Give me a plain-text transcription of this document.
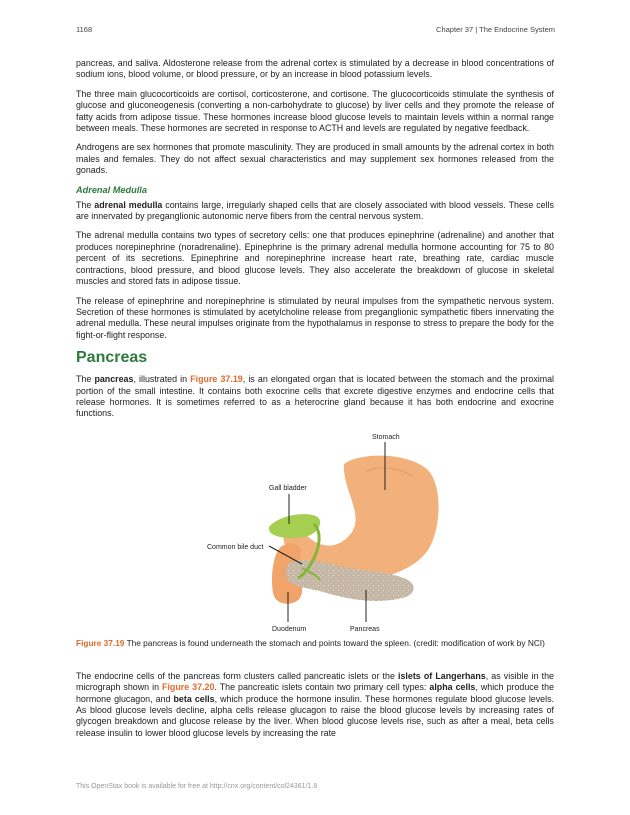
1168	Chapter 37 | The Endocrine System

pancreas, and saliva. Aldosterone release from the adrenal cortex is stimulated by a decrease in blood concentrations of sodium ions, blood volume, or blood pressure, or by an increase in blood potassium levels.

The three main glucocorticoids are cortisol, corticosterone, and cortisone. The glucocorticoids stimulate the synthesis of glucose and gluconeogenesis (converting a non-carbohydrate to glucose) by liver cells and they promote the release of fatty acids from adipose tissue. These hormones increase blood glucose levels to maintain levels within a normal range between meals. These hormones are secreted in response to ACTH and levels are regulated by negative feedback.

Androgens are sex hormones that promote masculinity. They are produced in small amounts by the adrenal cortex in both males and females. They do not affect sexual characteristics and may supplement sex hormones released from the gonads.

Adrenal Medulla

The adrenal medulla contains large, irregularly shaped cells that are closely associated with blood vessels. These cells are innervated by preganglionic autonomic nerve fibers from the central nervous system.

The adrenal medulla contains two types of secretory cells: one that produces epinephrine (adrenaline) and another that produces norepinephrine (noradrenaline). Epinephrine is the primary adrenal medulla hormone accounting for 75 to 80 percent of its secretions. Epinephrine and norepinephrine increase heart rate, breathing rate, cardiac muscle contractions, blood pressure, and blood glucose levels. They also accelerate the breakdown of glucose in skeletal muscles and stored fats in adipose tissue.

The release of epinephrine and norepinephrine is stimulated by neural impulses from the sympathetic nervous system. Secretion of these hormones is stimulated by acetylcholine release from preganglionic sympathetic fibers innervating the adrenal medulla. These neural impulses originate from the hypothalamus in response to stress to prepare the body for the fight-or-flight response.

Pancreas

The pancreas, illustrated in Figure 37.19, is an elongated organ that is located between the stomach and the proximal portion of the small intestine. It contains both exocrine cells that excrete digestive enzymes and endocrine cells that release hormones. It is sometimes referred to as a heterocrine gland because it has both endocrine and exocrine functions.

Stomach
Gall bladder
Common bile duct
Duodenum	Pancreas

Figure 37.19 The pancreas is found underneath the stomach and points toward the spleen. (credit: modification of work by NCI)

The endocrine cells of the pancreas form clusters called pancreatic islets or the islets of Langerhans, as visible in the micrograph shown in Figure 37.20. The pancreatic islets contain two primary cell types: alpha cells, which produce the hormone glucagon, and beta cells, which produce the hormone insulin. These hormones regulate blood glucose levels. As blood glucose levels decline, alpha cells release glucagon to raise the blood glucose levels by increasing rates of glycogen breakdown and glucose release by the liver. When blood glucose levels rise, such as after a meal, beta cells release insulin to lower blood glucose levels by increasing the rate

This OpenStax book is available for free at http://cnx.org/content/col24361/1.8
